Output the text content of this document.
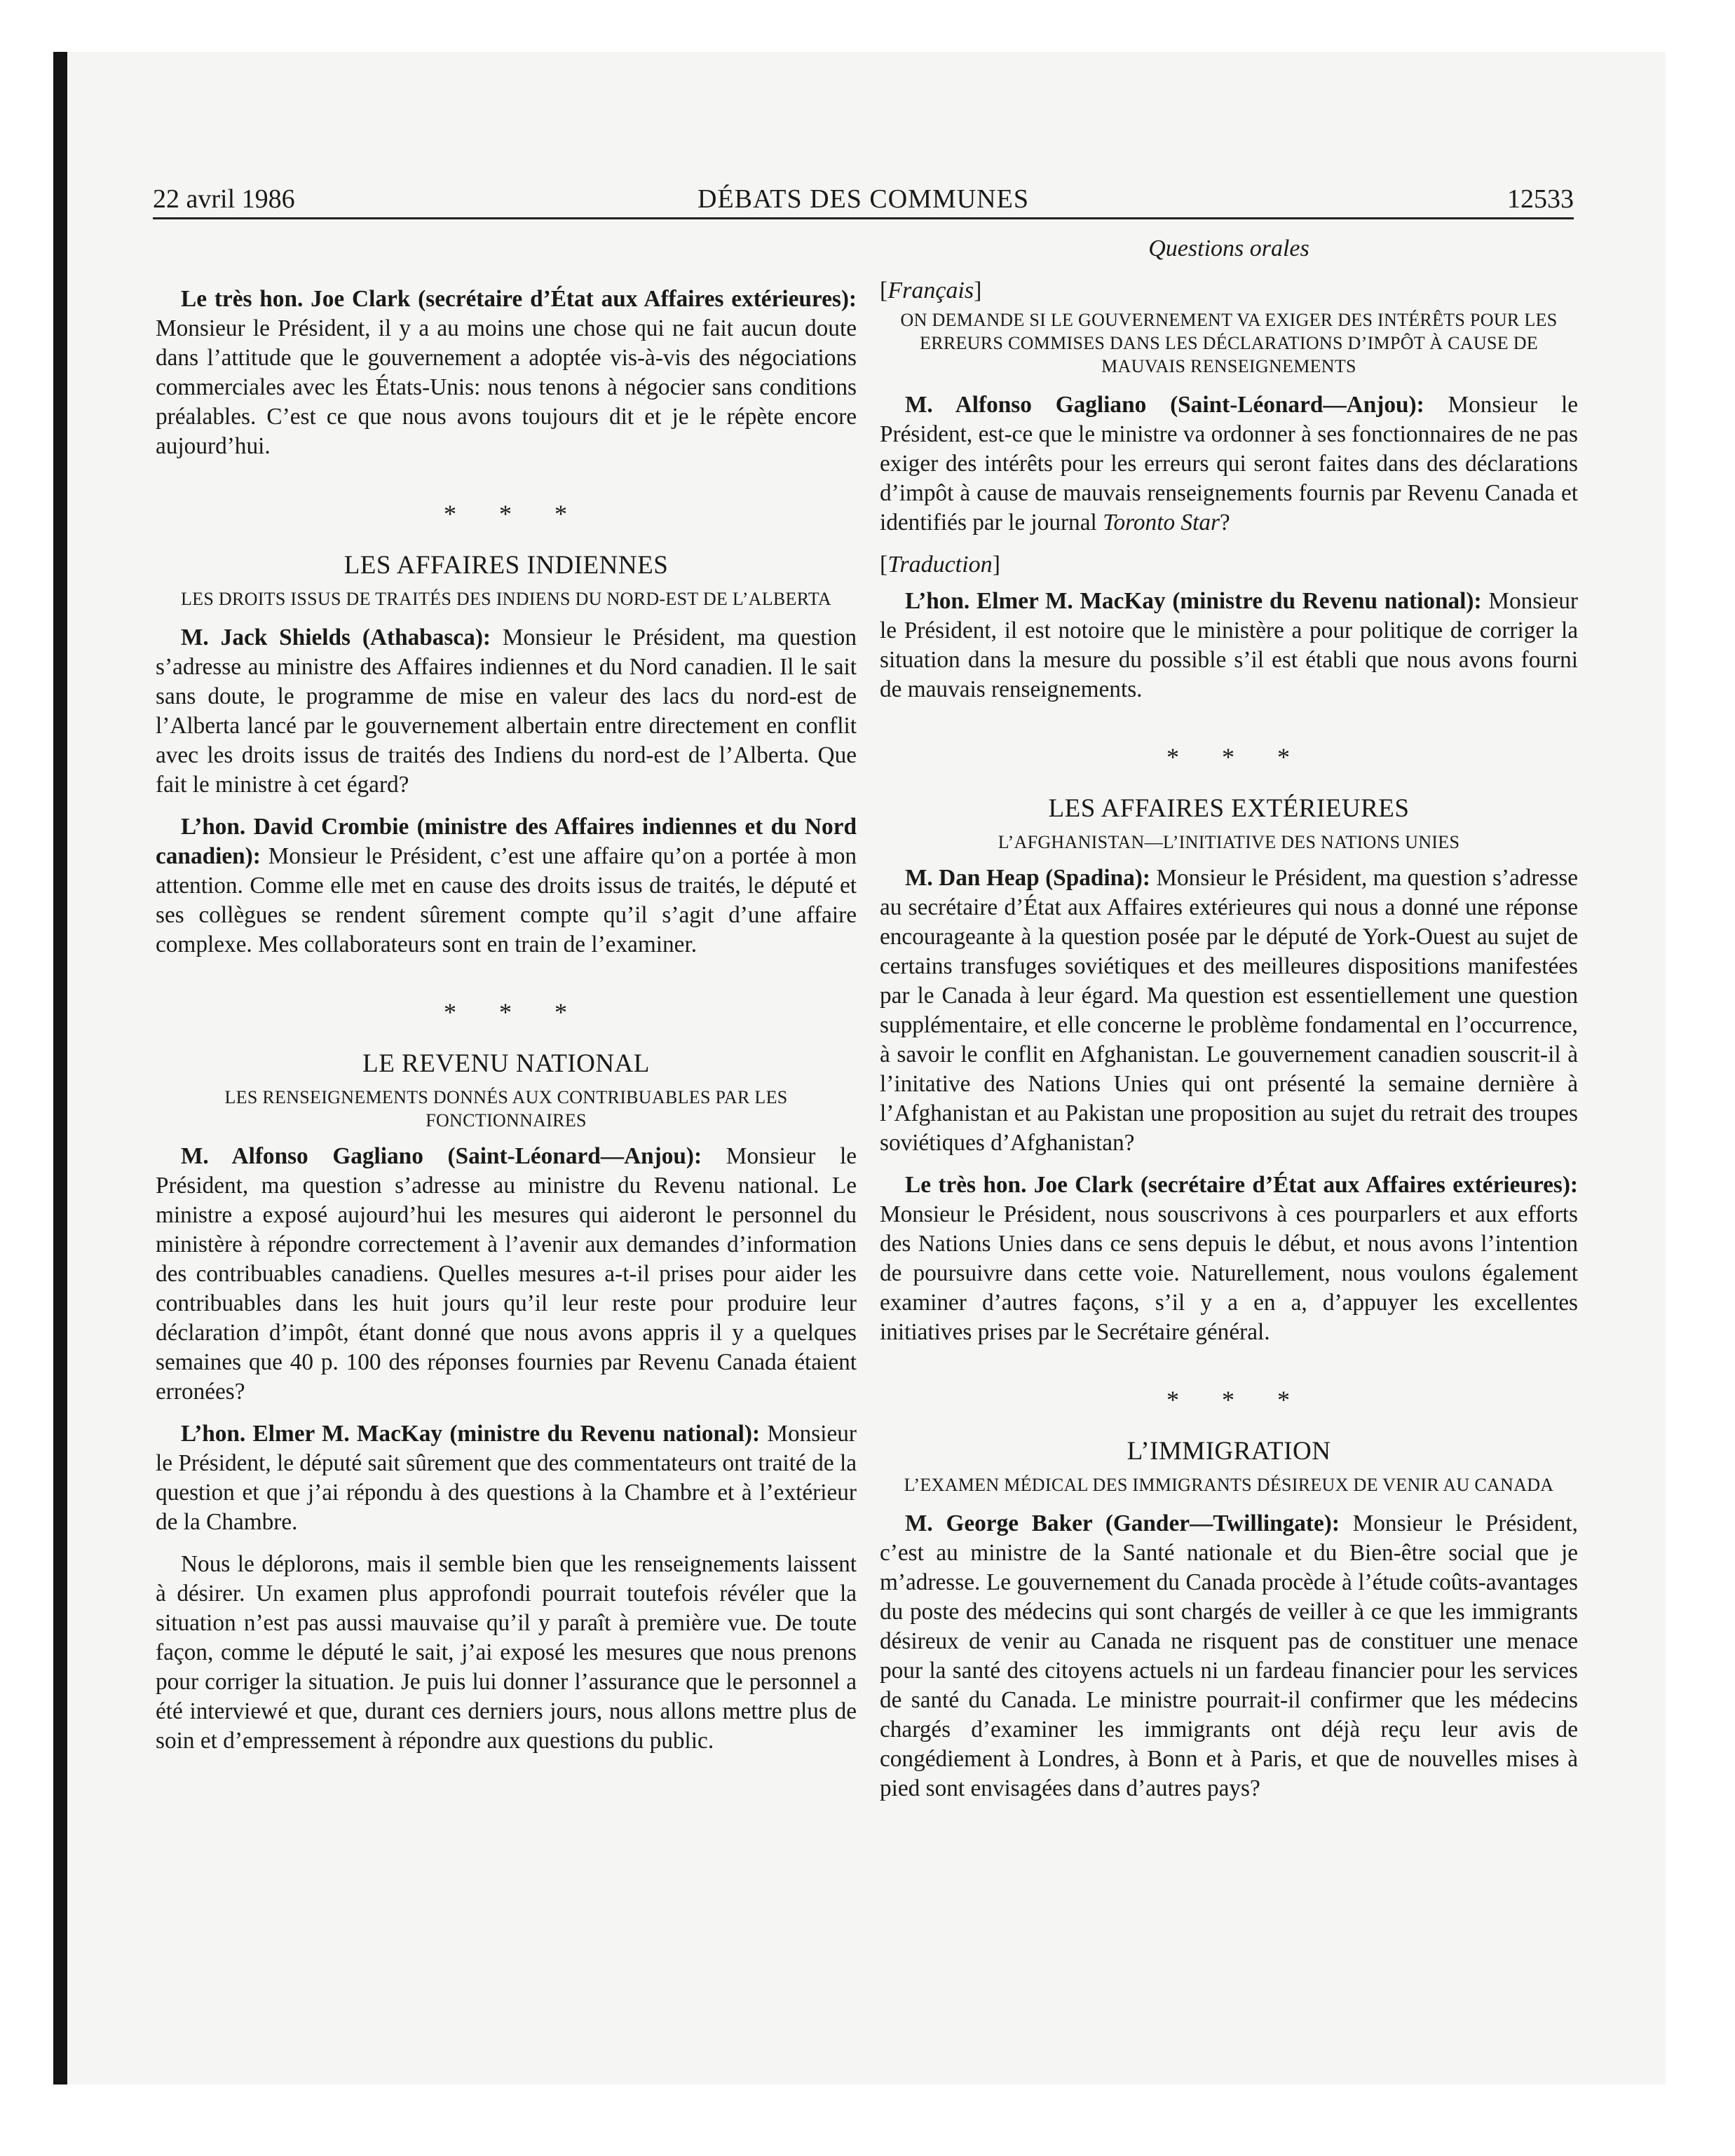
22 avril 1986	DÉBATS DES COMMUNES	12533

Le très hon. Joe Clark (secrétaire d’État aux Affaires extérieures): Monsieur le Président, il y a au moins une chose qui ne fait aucun doute dans l’attitude que le gouvernement a adoptée vis-à-vis des négociations commerciales avec les États-Unis: nous tenons à négocier sans conditions préalables. C’est ce que nous avons toujours dit et je le répète encore aujourd’hui.

* * *
LES AFFAIRES INDIENNES
LES DROITS ISSUS DE TRAITÉS DES INDIENS DU NORD-EST DE L’ALBERTA

M. Jack Shields (Athabasca): Monsieur le Président, ma question s’adresse au ministre des Affaires indiennes et du Nord canadien. Il le sait sans doute, le programme de mise en valeur des lacs du nord-est de l’Alberta lancé par le gouvernement albertain entre directement en conflit avec les droits issus de traités des Indiens du nord-est de l’Alberta. Que fait le ministre à cet égard?

L’hon. David Crombie (ministre des Affaires indiennes et du Nord canadien): Monsieur le Président, c’est une affaire qu’on a portée à mon attention. Comme elle met en cause des droits issus de traités, le député et ses collègues se rendent sûrement compte qu’il s’agit d’une affaire complexe. Mes collaborateurs sont en train de l’examiner.

* * *
LE REVENU NATIONAL
LES RENSEIGNEMENTS DONNÉS AUX CONTRIBUABLES PAR LES FONCTIONNAIRES

M. Alfonso Gagliano (Saint-Léonard—Anjou): Monsieur le Président, ma question s’adresse au ministre du Revenu national. Le ministre a exposé aujourd’hui les mesures qui aideront le personnel du ministère à répondre correctement à l’avenir aux demandes d’information des contribuables canadiens. Quelles mesures a-t-il prises pour aider les contribuables dans les huit jours qu’il leur reste pour produire leur déclaration d’impôt, étant donné que nous avons appris il y a quelques semaines que 40 p. 100 des réponses fournies par Revenu Canada étaient erronées?

L’hon. Elmer M. MacKay (ministre du Revenu national): Monsieur le Président, le député sait sûrement que des commentateurs ont traité de la question et que j’ai répondu à des questions à la Chambre et à l’extérieur de la Chambre.

Nous le déplorons, mais il semble bien que les renseignements laissent à désirer. Un examen plus approfondi pourrait toutefois révéler que la situation n’est pas aussi mauvaise qu’il y paraît à première vue. De toute façon, comme le député le sait, j’ai exposé les mesures que nous prenons pour corriger la situation. Je puis lui donner l’assurance que le personnel a été interviewé et que, durant ces derniers jours, nous allons mettre plus de soin et d’empressement à répondre aux questions du public.

Questions orales
[Français]
ON DEMANDE SI LE GOUVERNEMENT VA EXIGER DES INTÉRÊTS POUR LES ERREURS COMMISES DANS LES DÉCLARATIONS D’IMPÔT À CAUSE DE MAUVAIS RENSEIGNEMENTS

M. Alfonso Gagliano (Saint-Léonard—Anjou): Monsieur le Président, est-ce que le ministre va ordonner à ses fonctionnaires de ne pas exiger des intérêts pour les erreurs qui seront faites dans des déclarations d’impôt à cause de mauvais renseignements fournis par Revenu Canada et identifiés par le journal Toronto Star?

[Traduction]

L’hon. Elmer M. MacKay (ministre du Revenu national): Monsieur le Président, il est notoire que le ministère a pour politique de corriger la situation dans la mesure du possible s’il est établi que nous avons fourni de mauvais renseignements.

* * *
LES AFFAIRES EXTÉRIEURES
L’AFGHANISTAN—L’INITIATIVE DES NATIONS UNIES

M. Dan Heap (Spadina): Monsieur le Président, ma question s’adresse au secrétaire d’État aux Affaires extérieures qui nous a donné une réponse encourageante à la question posée par le député de York-Ouest au sujet de certains transfuges soviétiques et des meilleures dispositions manifestées par le Canada à leur égard. Ma question est essentiellement une question supplémentaire, et elle concerne le problème fondamental en l’occurrence, à savoir le conflit en Afghanistan. Le gouvernement canadien souscrit-il à l’initative des Nations Unies qui ont présenté la semaine dernière à l’Afghanistan et au Pakistan une proposition au sujet du retrait des troupes soviétiques d’Afghanistan?

Le très hon. Joe Clark (secrétaire d’État aux Affaires extérieures): Monsieur le Président, nous souscrivons à ces pourparlers et aux efforts des Nations Unies dans ce sens depuis le début, et nous avons l’intention de poursuivre dans cette voie. Naturellement, nous voulons également examiner d’autres façons, s’il y a en a, d’appuyer les excellentes initiatives prises par le Secrétaire général.

* * *
L’IMMIGRATION
L’EXAMEN MÉDICAL DES IMMIGRANTS DÉSIREUX DE VENIR AU CANADA

M. George Baker (Gander—Twillingate): Monsieur le Président, c’est au ministre de la Santé nationale et du Bien-être social que je m’adresse. Le gouvernement du Canada procède à l’étude coûts-avantages du poste des médecins qui sont chargés de veiller à ce que les immigrants désireux de venir au Canada ne risquent pas de constituer une menace pour la santé des citoyens actuels ni un fardeau financier pour les services de santé du Canada. Le ministre pourrait-il confirmer que les médecins chargés d’examiner les immigrants ont déjà reçu leur avis de congédiement à Londres, à Bonn et à Paris, et que de nouvelles mises à pied sont envisagées dans d’autres pays?
